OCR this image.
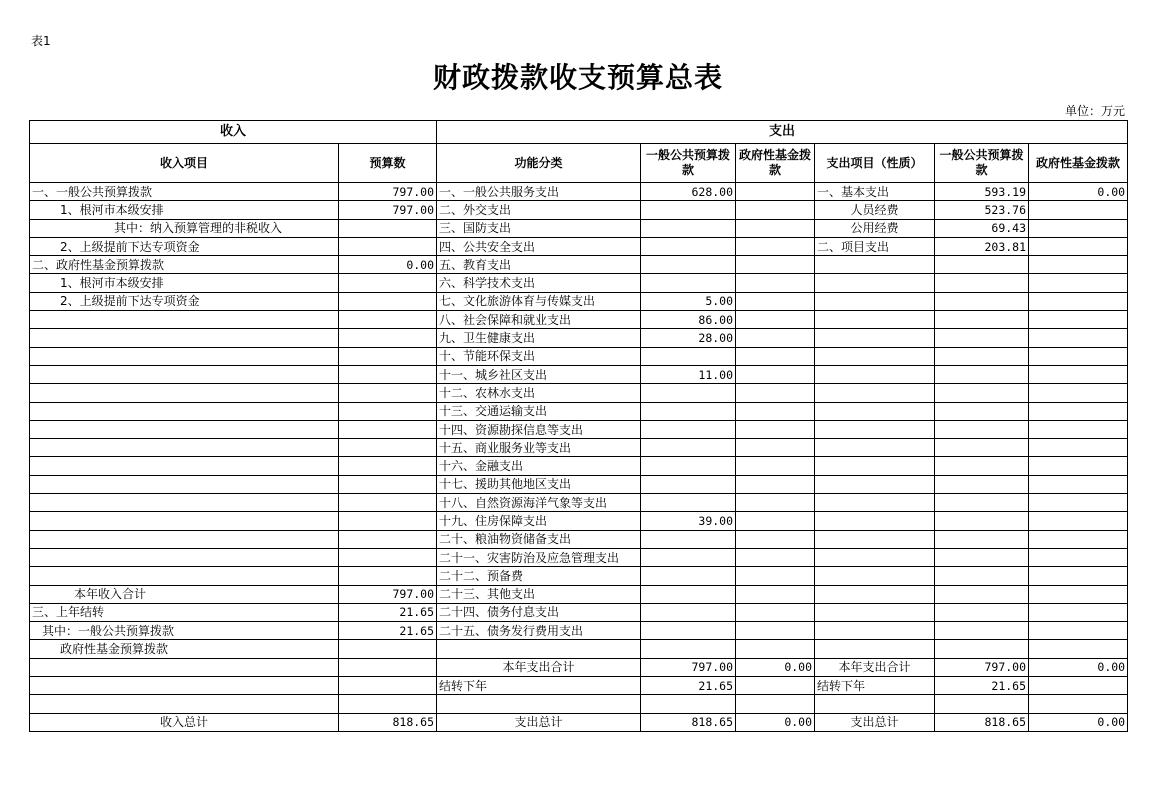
表1
财政拨款收支预算总表
单位：万元
收入		支出					
收入项目	预算数	功能分类	一般公共预算拨款	政府性基金拨款	支出项目（性质）	一般公共预算拨款	政府性基金拨款
一、一般公共预算拨款	797.00	一、一般公共服务支出	628.00		一、基本支出	593.19	0.00
1、根河市本级安排	797.00	二、外交支出			人员经费	523.76	
其中：纳入预算管理的非税收入		三、国防支出			公用经费	69.43	
2、上级提前下达专项资金		四、公共安全支出			二、项目支出	203.81	
二、政府性基金预算拨款	0.00	五、教育支出					
1、根河市本级安排		六、科学技术支出					
2、上级提前下达专项资金		七、文化旅游体育与传媒支出	5.00				
		八、社会保障和就业支出	86.00				
		九、卫生健康支出	28.00				
		十、节能环保支出					
		十一、城乡社区支出	11.00				
		十二、农林水支出					
		十三、交通运输支出					
		十四、资源勘探信息等支出					
		十五、商业服务业等支出					
		十六、金融支出					
		十七、援助其他地区支出					
		十八、自然资源海洋气象等支出					
		十九、住房保障支出	39.00				
		二十、粮油物资储备支出					
		二十一、灾害防治及应急管理支出					
		二十二、预备费					
本年收入合计	797.00	二十三、其他支出					
三、上年结转	21.65	二十四、债务付息支出					
其中：一般公共预算拨款	21.65	二十五、债务发行费用支出					
政府性基金预算拨款							
		本年支出合计	797.00	0.00	本年支出合计	797.00	0.00
		结转下年	21.65		结转下年	21.65	

收入总计	818.65	支出总计	818.65	0.00	支出总计	818.65	0.00
